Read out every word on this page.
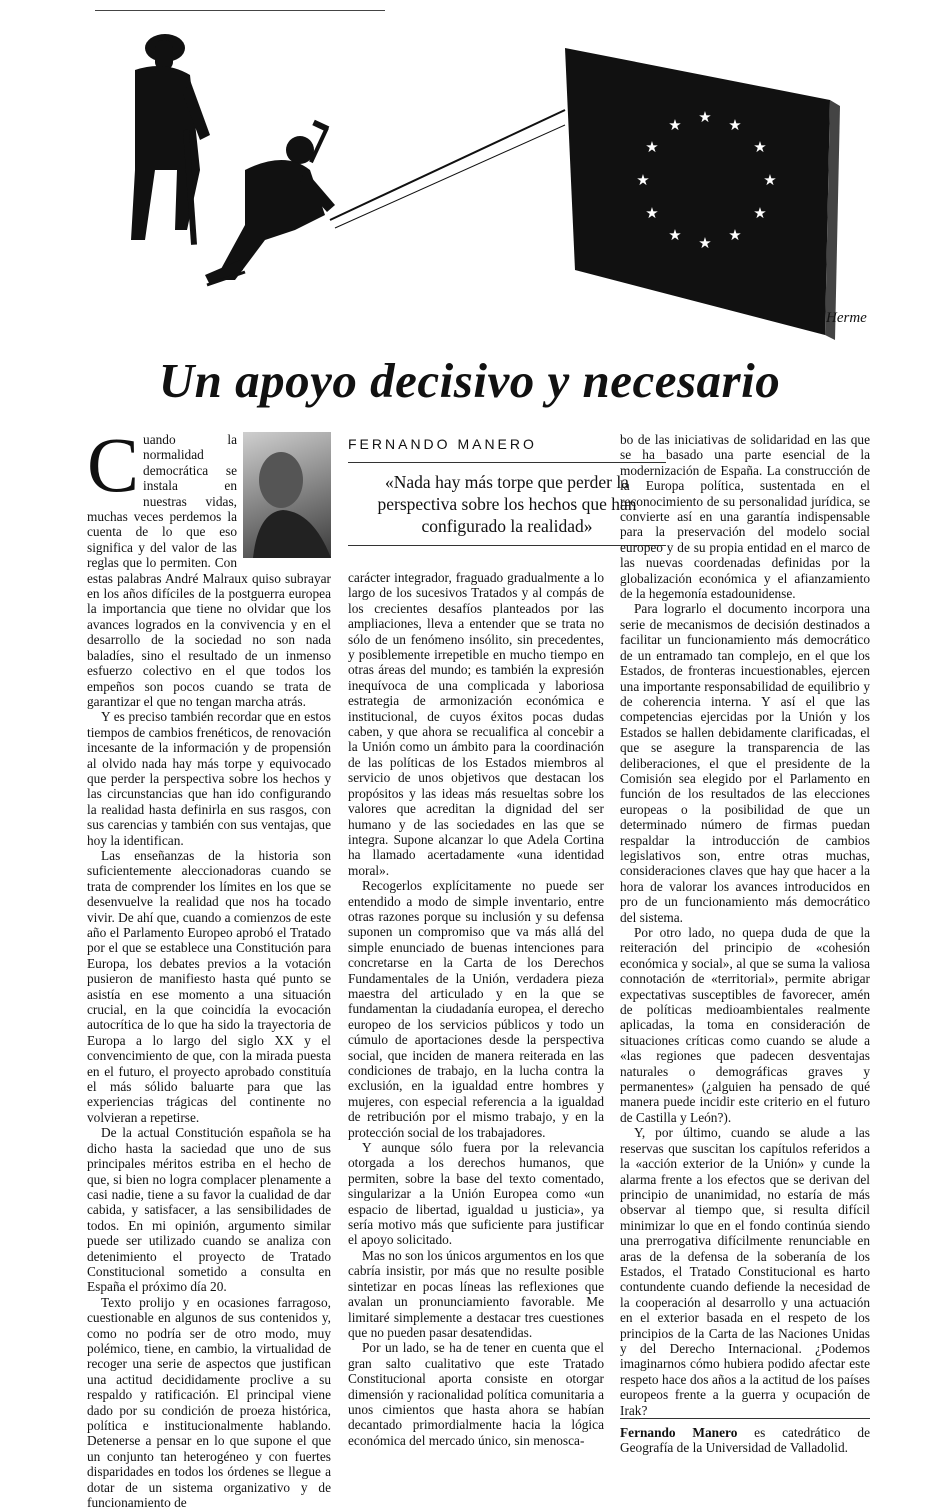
★ ★
★
★
★
★
★
★
★
★
★
★
Herme
Un apoyo decisivo y necesario
FERNANDO MANERO
«Nada hay más torpe que perder la perspectiva sobre los hechos que han configurado la realidad»

Cuando la normalidad democrática se instala en nuestras vidas, muchas veces perdemos la cuenta de lo que eso significa y del valor de las reglas que lo permiten. Con estas palabras André Malraux quiso subrayar en los años difíciles de la postguerra europea la importancia que tiene no olvidar que los avances logrados en la convivencia y en el desarrollo de la sociedad no son nada baladíes, sino el resultado de un inmenso esfuerzo colectivo en el que todos los empeños son pocos cuando se trata de garantizar el que no tengan marcha atrás.

Y es preciso también recordar que en estos tiempos de cambios frenéticos, de renovación incesante de la información y de propensión al olvido nada hay más torpe y equivocado que perder la perspectiva sobre los hechos y las circunstancias que han ido configurando la realidad hasta definirla en sus rasgos, con sus carencias y también con sus ventajas, que hoy la identifican.

Las enseñanzas de la historia son suficientemente aleccionadoras cuando se trata de comprender los límites en los que se desenvuelve la realidad que nos ha tocado vivir. De ahí que, cuando a comienzos de este año el Parlamento Europeo aprobó el Tratado por el que se establece una Constitución para Europa, los debates previos a la votación pusieron de manifiesto hasta qué punto se asistía en ese momento a una situación crucial, en la que coincidía la evocación autocrítica de lo que ha sido la trayectoria de Europa a lo largo del siglo XX y el convencimiento de que, con la mirada puesta en el futuro, el proyecto aprobado constituía el más sólido baluarte para que las experiencias trágicas del continente no volvieran a repetirse.

De la actual Constitución española se ha dicho hasta la saciedad que uno de sus principales méritos estriba en el hecho de que, si bien no logra complacer plenamente a casi nadie, tiene a su favor la cualidad de dar cabida, y satisfacer, a las sensibilidades de todos. En mi opinión, argumento similar puede ser utilizado cuando se analiza con detenimiento el proyecto de Tratado Constitucional sometido a consulta en España el próximo día 20.

Texto prolijo y en ocasiones farragoso, cuestionable en algunos de sus contenidos y, como no podría ser de otro modo, muy polémico, tiene, en cambio, la virtualidad de recoger una serie de aspectos que justifican una actitud decididamente proclive a su respaldo y ratificación. El principal viene dado por su condición de proeza histórica, política e institucionalmente hablando. Detenerse a pensar en lo que supone el que un conjunto tan heterogéneo y con fuertes disparidades en todos los órdenes se llegue a dotar de un sistema organizativo y de funcionamiento de

carácter integrador, fraguado gradualmente a lo largo de los sucesivos Tratados y al compás de los crecientes desafíos planteados por las ampliaciones, lleva a entender que se trata no sólo de un fenómeno insólito, sin precedentes, y posiblemente irrepetible en mucho tiempo en otras áreas del mundo; es también la expresión inequívoca de una complicada y laboriosa estrategia de armonización económica e institucional, de cuyos éxitos pocas dudas caben, y que ahora se recualifica al concebir a la Unión como un ámbito para la coordinación de las políticas de los Estados miembros al servicio de unos objetivos que destacan los propósitos y las ideas más resueltas sobre los valores que acreditan la dignidad del ser humano y de las sociedades en las que se integra. Supone alcanzar lo que Adela Cortina ha llamado acertadamente «una identidad moral».

Recogerlos explícitamente no puede ser entendido a modo de simple inventario, entre otras razones porque su inclusión y su defensa suponen un compromiso que va más allá del simple enunciado de buenas intenciones para concretarse en la Carta de los Derechos Fundamentales de la Unión, verdadera pieza maestra del articulado y en la que se fundamentan la ciudadanía europea, el derecho europeo de los servicios públicos y todo un cúmulo de aportaciones desde la perspectiva social, que inciden de manera reiterada en las condiciones de trabajo, en la lucha contra la exclusión, en la igualdad entre hombres y mujeres, con especial referencia a la igualdad de retribución por el mismo trabajo, y en la protección social de los trabajadores.

Y aunque sólo fuera por la relevancia otorgada a los derechos humanos, que permiten, sobre la base del texto comentado, singularizar a la Unión Europea como «un espacio de libertad, igualdad u justicia», ya sería motivo más que suficiente para justificar el apoyo solicitado.

Mas no son los únicos argumentos en los que cabría insistir, por más que no resulte posible sintetizar en pocas líneas las reflexiones que avalan un pronunciamiento favorable. Me limitaré simplemente a destacar tres cuestiones que no pueden pasar desatendidas.

Por un lado, se ha de tener en cuenta que el gran salto cualitativo que este Tratado Constitucional aporta consiste en otorgar dimensión y racionalidad política comunitaria a unos cimientos que hasta ahora se habían decantado primordialmente hacia la lógica económica del mercado único, sin menosca-

bo de las iniciativas de solidaridad en las que se ha basado una parte esencial de la modernización de España. La construcción de la Europa política, sustentada en el reconocimiento de su personalidad jurídica, se convierte así en una garantía indispensable para la preservación del modelo social europeo y de su propia entidad en el marco de las nuevas coordenadas definidas por la globalización económica y el afianzamiento de la hegemonía estadounidense.

Para lograrlo el documento incorpora una serie de mecanismos de decisión destinados a facilitar un funcionamiento más democrático de un entramado tan complejo, en el que los Estados, de fronteras incuestionables, ejercen una importante responsabilidad de equilibrio y de coherencia interna. Y así el que las competencias ejercidas por la Unión y los Estados se hallen debidamente clarificadas, el que se asegure la transparencia de las deliberaciones, el que el presidente de la Comisión sea elegido por el Parlamento en función de los resultados de las elecciones europeas o la posibilidad de que un determinado número de firmas puedan respaldar la introducción de cambios legislativos son, entre otras muchas, consideraciones claves que hay que hacer a la hora de valorar los avances introducidos en pro de un funcionamiento más democrático del sistema.

Por otro lado, no quepa duda de que la reiteración del principio de «cohesión económica y social», al que se suma la valiosa connotación de «territorial», permite abrigar expectativas susceptibles de favorecer, amén de políticas medioambientales realmente aplicadas, la toma en consideración de situaciones críticas como cuando se alude a «las regiones que padecen desventajas naturales o demográficas graves y permanentes» (¿alguien ha pensado de qué manera puede incidir este criterio en el futuro de Castilla y León?).

Y, por último, cuando se alude a las reservas que suscitan los capítulos referidos a la «acción exterior de la Unión» y cunde la alarma frente a los efectos que se derivan del principio de unanimidad, no estaría de más observar al tiempo que, si resulta difícil minimizar lo que en el fondo continúa siendo una prerrogativa difícilmente renunciable en aras de la defensa de la soberanía de los Estados, el Tratado Constitucional es harto contundente cuando defiende la necesidad de la cooperación al desarrollo y una actuación en el exterior basada en el respeto de los principios de la Carta de las Naciones Unidas y del Derecho Internacional. ¿Podemos imaginarnos cómo hubiera podido afectar este respeto hace dos años a la actitud de los países europeos frente a la guerra y ocupación de Irak?

Fernando Manero es catedrático de Geografía de la Universidad de Valladolid.
